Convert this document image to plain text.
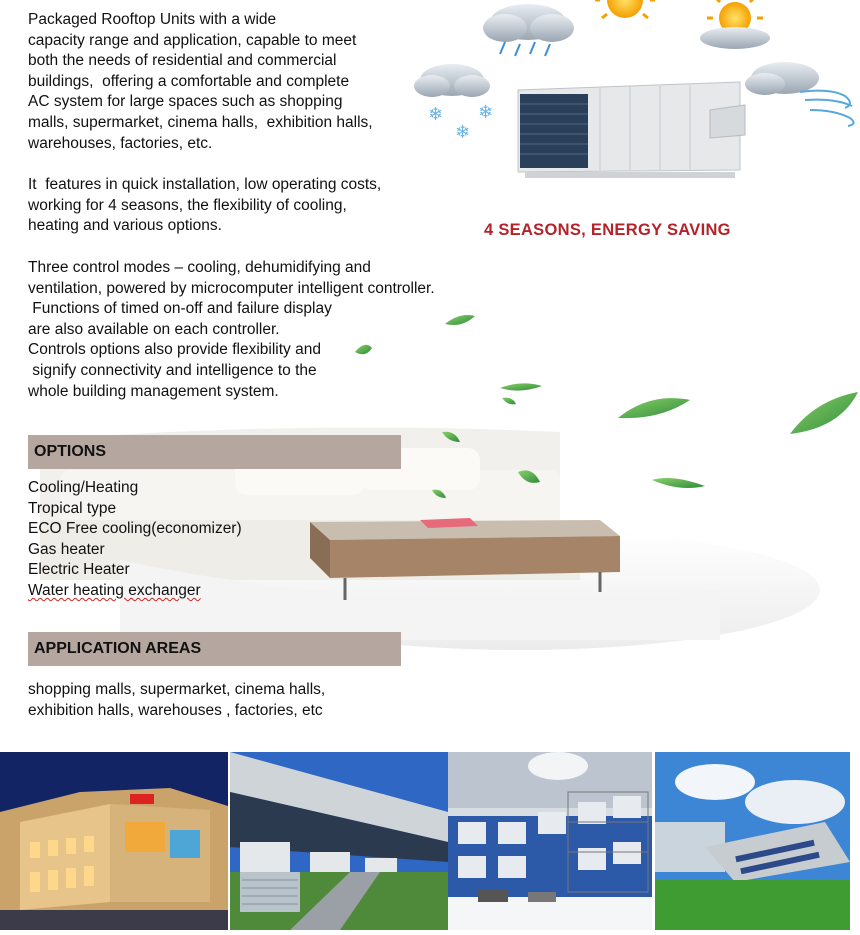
❄
❄
❄

Packaged Rooftop Units with a wide
capacity range and application, capable to meet
both the needs of residential and commercial
buildings,  offering a comfortable and complete
AC system for large spaces such as shopping
malls, supermarket, cinema halls,  exhibition halls,
warehouses, factories, etc.

It  features in quick installation, low operating costs,
working for 4 seasons, the flexibility of cooling,
heating and various options.

Three control modes – cooling, dehumidifying and
ventilation, powered by microcomputer intelligent controller.
Functions of timed on-off and failure display
are also available on each controller.
Controls options also provide flexibility and
signify connectivity and intelligence to the
whole building management system.

4 SEASONS, ENERGY SAVING
OPTIONS
Cooling/Heating
Tropical type
ECO Free cooling(economizer)
Gas heater
Electric Heater
Water heating exchanger
APPLICATION AREAS

shopping malls, supermarket, cinema halls,
exhibition halls, warehouses , factories, etc
